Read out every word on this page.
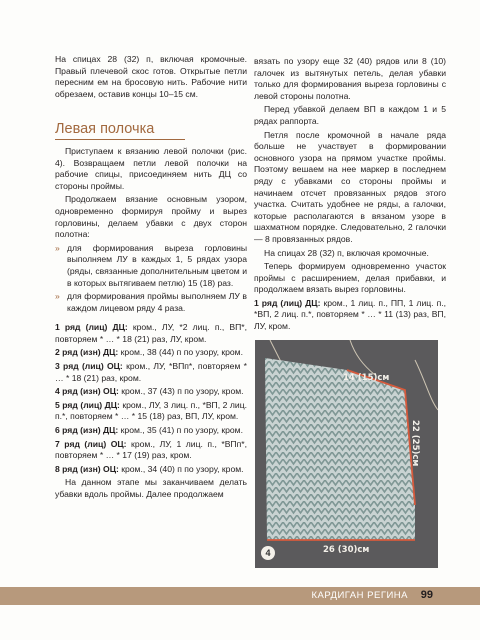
На спицах 28 (32) п, включая кромочные. Правый плечевой скос готов. Открытые петли пересним ем на бросовую нить. Рабочие нити обрезаем, оставив концы 10–15 см.

Левая полочка

Приступаем к вязанию левой полочки (рис. 4). Возвращаем петли левой полочки на рабочие спицы, присоединяем нить ДЦ со стороны проймы.

Продолжаем вязание основным узором, одновременно формируя пройму и вырез горловины, делаем убавки с двух сторон полотна:

» для формирования выреза горловины выполняем ЛУ в каждых 1, 5 рядах узора (ряды, связанные дополнительным цветом и в которых вытягиваем петлю) 15 (18) раз.
» для формирования проймы выполняем ЛУ в каждом лицевом ряду 4 раза.

1 ряд (лиц) ДЦ: кром., ЛУ, *2 лиц. п., ВП*, повторяем * … * 18 (21) раз, ЛУ, кром.

2 ряд (изн) ДЦ: кром., 38 (44) п по узору, кром.

3 ряд (лиц) ОЦ: кром., ЛУ, *ВПп*, повторяем * … * 18 (21) раз, кром.

4 ряд (изн) ОЦ: кром., 37 (43) п по узору, кром.

5 ряд (лиц) ДЦ: кром., ЛУ, 3 лиц. п., *ВП, 2 лиц. п.*, повторяем * … * 15 (18) раз, ВП, ЛУ, кром.

6 ряд (изн) ДЦ: кром., 35 (41) п по узору, кром.

7 ряд (лиц) ОЦ: кром., ЛУ, 1 лиц. п., *ВПп*, повторяем * … * 17 (19) раз, кром.

8 ряд (изн) ОЦ: кром., 34 (40) п по узору, кром.

На данном этапе мы заканчиваем делать убавки вдоль проймы. Далее продолжаем

вязать по узору еще 32 (40) рядов или 8 (10) галочек из вытянутых петель, делая убавки только для формирования выреза горловины с левой стороны полотна.

Перед убавкой делаем ВП в каждом 1 и 5 рядах раппорта.

Петля после кромочной в начале ряда больше не участвует в формировании основного узора на прямом участке проймы. Поэтому вешаем на нее маркер в последнем ряду с убавками со стороны проймы и начинаем отсчет провязанных рядов этого участка. Считать удобнее не ряды, а галочки, которые располагаются в вязаном узоре в шахматном порядке. Следовательно, 2 галочки — 8 провязанных рядов.

На спицах 28 (32) п, включая кромочные.

Теперь формируем одновременно участок проймы с расширением, делая прибавки, и продолжаем вязать вырез горловины.

1 ряд (лиц) ДЦ: кром., 1 лиц. п., ПП, 1 лиц. п., *ВП, 2 лиц. п.*, повторяем * … * 11 (13) раз, ВП, ЛУ, кром.

14 (15)см
22 (25)см
26 (30)см
4
КАРДИГАН РЕГИНА 99
